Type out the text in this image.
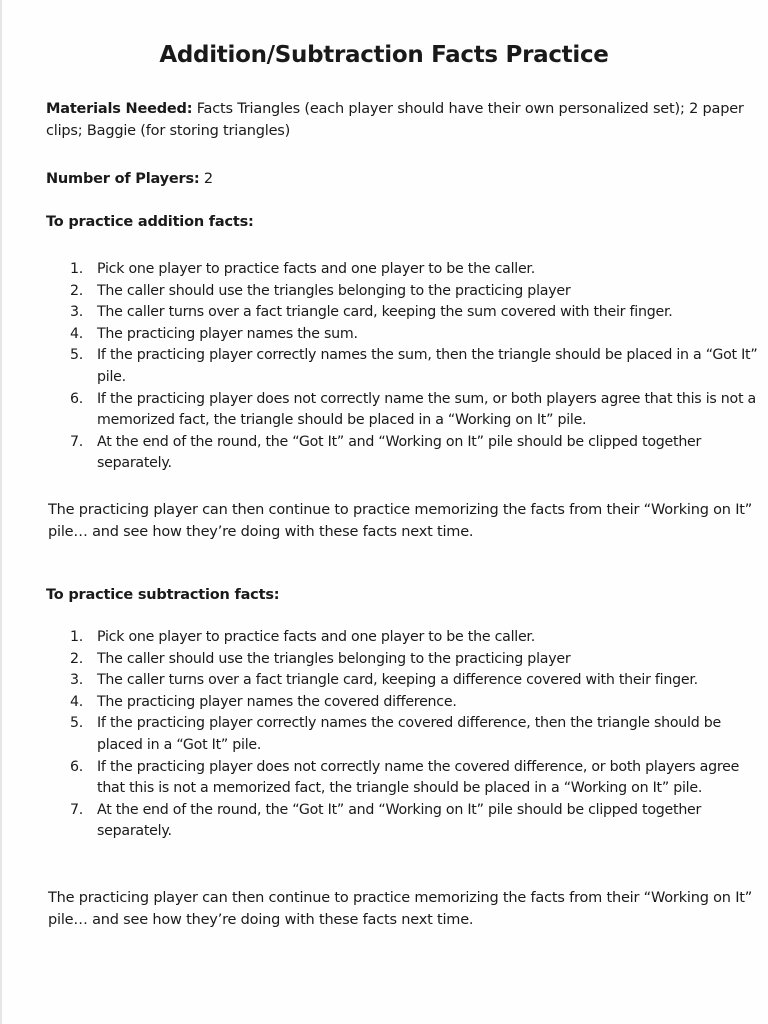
Addition/Subtraction Facts Practice
Materials Needed: Facts Triangles (each player should have their own personalized set); 2 paper clips; Baggie (for storing triangles)
Number of Players: 2
To practice addition facts:
1. Pick one player to practice facts and one player to be the caller.
2. The caller should use the triangles belonging to the practicing player
3. The caller turns over a fact triangle card, keeping the sum covered with their finger.
4. The practicing player names the sum.
5. If the practicing player correctly names the sum, then the triangle should be placed in a “Got It” pile.
6. If the practicing player does not correctly name the sum, or both players agree that this is not a memorized fact, the triangle should be placed in a “Working on It” pile.
7. At the end of the round, the “Got It” and “Working on It” pile should be clipped together separately.
The practicing player can then continue to practice memorizing the facts from their “Working on It” pile… and see how they’re doing with these facts next time.
To practice subtraction facts:
1. Pick one player to practice facts and one player to be the caller.
2. The caller should use the triangles belonging to the practicing player
3. The caller turns over a fact triangle card, keeping a difference covered with their finger.
4. The practicing player names the covered difference.
5. If the practicing player correctly names the covered difference, then the triangle should be placed in a “Got It” pile.
6. If the practicing player does not correctly name the covered difference, or both players agree that this is not a memorized fact, the triangle should be placed in a “Working on It” pile.
7. At the end of the round, the “Got It” and “Working on It” pile should be clipped together separately.
The practicing player can then continue to practice memorizing the facts from their “Working on It” pile… and see how they’re doing with these facts next time.
